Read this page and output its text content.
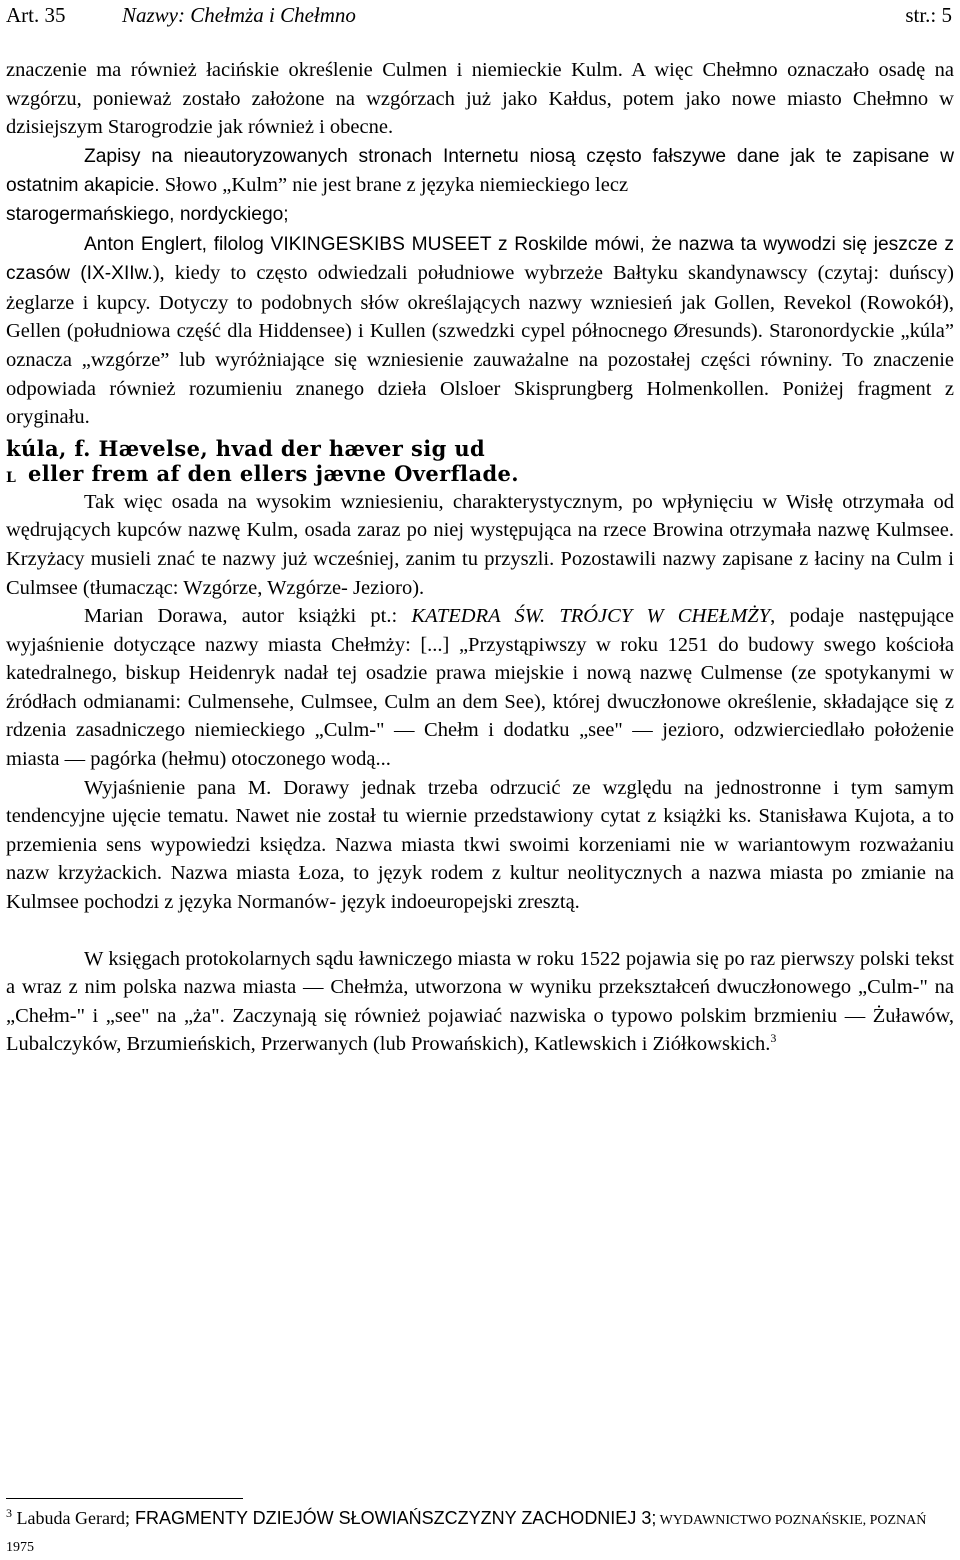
Art. 35	Nazwy: Chełmża i Chełmno	str.: 5

znaczenie ma również łacińskie określenie Culmen i niemieckie Kulm. A więc Chełmno oznaczało osadę na wzgórzu, ponieważ zostało założone na wzgórzach już jako Kałdus, potem jako nowe miasto Chełmno w dzisiejszym Starogrodzie jak również i obecne.

Zapisy na nieautoryzowanych stronach Internetu niosą często fałszywe dane jak te zapisane w ostatnim akapicie. Słowo „Kulm” nie jest brane z języka niemieckiego lecz

starogermańskiego, nordyckiego;

Anton Englert, filolog VIKINGESKIBS MUSEET z Roskilde mówi, że nazwa ta wywodzi się jeszcze z czasów (IX-XIIw.), kiedy to często odwiedzali południowe wybrzeże Bałtyku skandynawscy (czytaj: duńscy) żeglarze i kupcy. Dotyczy to podobnych słów określających nazwy wzniesień jak Gollen, Revekol (Rowokół), Gellen (południowa część dla Hiddensee) i Kullen (szwedzki cypel północnego Øresunds). Staronordyckie „kúla” oznacza „wzgórze” lub wyróżniające się wzniesienie zauważalne na pozostałej części równiny. To znaczenie odpowiada również rozumieniu znanego dzieła Olsloer Skisprungberg Holmenkollen. Poniżej fragment z oryginału.

kúla, f. Hævelse, hvad der hæver sig ud
eller frem af den ellers jævne Overflade.
L

Tak więc osada na wysokim wzniesieniu, charakterystycznym, po wpłynięciu w Wisłę otrzymała od wędrujących kupców nazwę Kulm, osada zaraz po niej występująca na rzece Browina otrzymała nazwę Kulmsee. Krzyżacy musieli znać te nazwy już wcześniej, zanim tu przyszli. Pozostawili nazwy zapisane z łaciny na Culm i Culmsee (tłumacząc: Wzgórze, Wzgórze- Jezioro).

Marian Dorawa, autor książki pt.: KATEDRA ŚW. TRÓJCY W CHEŁMŻY, podaje następujące wyjaśnienie dotyczące nazwy miasta Chełmży: [...] „Przystąpiwszy w roku 1251 do budowy swego kościoła katedralnego, biskup Heidenryk nadał tej osadzie prawa miejskie i nową nazwę Culmense (ze spotykanymi w źródłach odmianami: Culmensehe, Culmsee, Culm an dem See), której dwuczłonowe określenie, składające się z rdzenia zasadniczego niemieckiego „Culm-" — Chełm i dodatku „see" — jezioro, odzwierciedlało położenie miasta — pagórka (hełmu) otoczonego wodą...

Wyjaśnienie pana M. Dorawy jednak trzeba odrzucić ze względu na jednostronne i tym samym tendencyjne ujęcie tematu. Nawet nie został tu wiernie przedstawiony cytat z książki ks. Stanisława Kujota, a to przemienia sens wypowiedzi księdza. Nazwa miasta tkwi swoimi korzeniami nie w wariantowym rozważaniu nazw krzyżackich. Nazwa miasta Łoza, to język rodem z kultur neolitycznych a nazwa miasta po zmianie na Kulmsee pochodzi z języka Normanów- język indoeuropejski zresztą.

W księgach protokolarnych sądu ławniczego miasta w roku 1522 pojawia się po raz pierwszy polski tekst a wraz z nim polska nazwa miasta — Chełmża, utworzona w wyniku przekształceń dwuczłonowego „Culm-" na „Chełm-" i „see" na „ża". Zaczynają się również pojawiać nazwiska o typowo polskim brzmieniu — Żuławów, Lubalczyków, Brzumieńskich, Przerwanych (lub Prowańskich), Katlewskich i Ziółkowskich.$^3$

$^3$ Labuda Gerard; FRAGMENTY DZIEJÓW SŁOWIAŃSZCZYZNY ZACHODNIEJ 3; WYDAWNICTWO POZNAŃSKIE, POZNAŃ 1975
